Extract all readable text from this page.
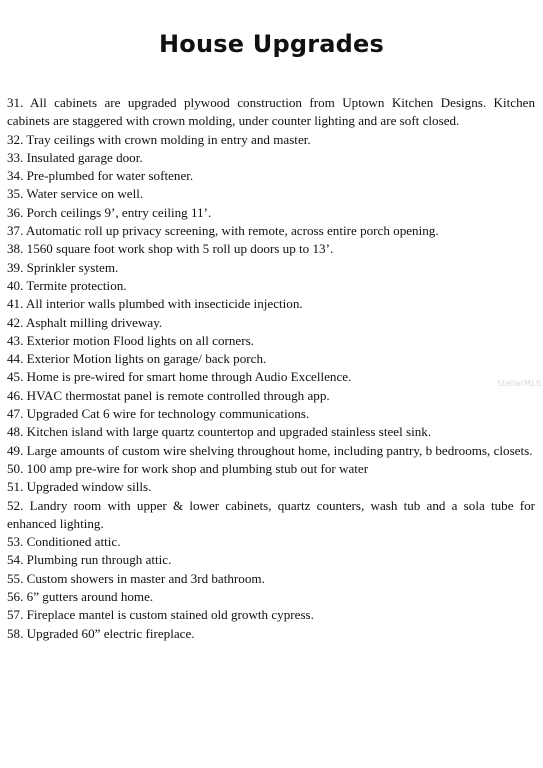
House Upgrades
31. All cabinets are upgraded plywood construction from Uptown Kitchen Designs. Kitchen cabinets are staggered with crown molding, under counter lighting and are soft closed.
32. Tray ceilings with crown molding in entry and master.
33. Insulated garage door.
34. Pre-plumbed for water softener.
35. Water service on well.
36. Porch ceilings 9’, entry ceiling 11’.
37. Automatic roll up privacy screening, with remote, across entire porch opening.
38. 1560 square foot work shop with 5 roll up doors up to 13’.
39. Sprinkler system.
40. Termite protection.
41. All interior walls plumbed with insecticide injection.
42. Asphalt milling driveway.
43. Exterior motion Flood lights on all corners.
44. Exterior Motion lights on garage/ back porch.
45. Home is pre-wired for smart home through Audio Excellence.
46. HVAC thermostat panel is remote controlled through app.
47. Upgraded Cat 6 wire for technology communications.
48. Kitchen island with large quartz countertop and upgraded stainless steel sink.
49. Large amounts of custom wire shelving throughout home, including pantry, b bedrooms, closets.
50. 100 amp pre-wire for work shop and plumbing stub out for water
51. Upgraded window sills.
52. Landry room with upper & lower cabinets, quartz counters, wash tub and a sola tube for enhanced lighting.
53. Conditioned attic.
54. Plumbing run through attic.
55. Custom showers in master and 3rd bathroom.
56. 6” gutters around home.
57. Fireplace mantel is custom stained old growth cypress.
58. Upgraded 60” electric fireplace.
StellarMLS
